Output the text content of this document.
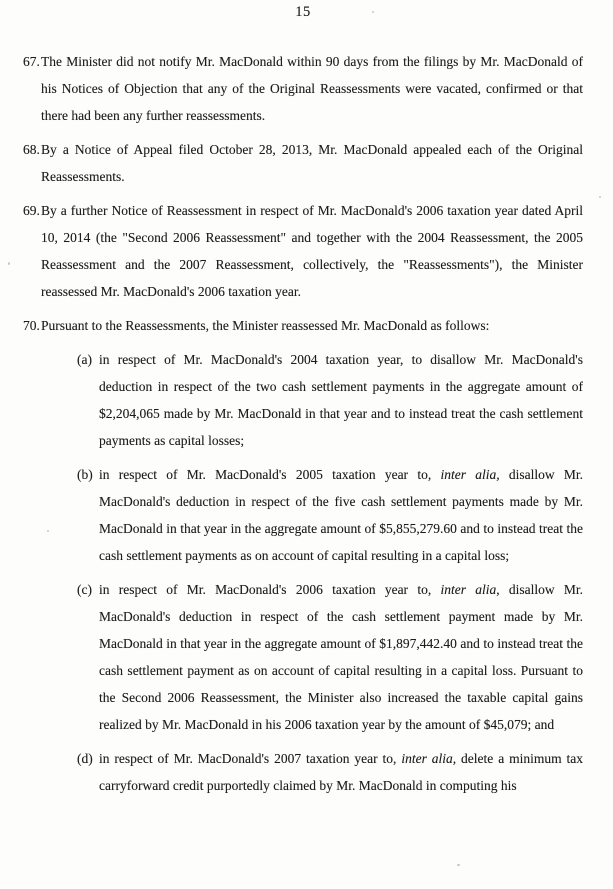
15
67. The Minister did not notify Mr. MacDonald within 90 days from the filings by Mr. MacDonald of his Notices of Objection that any of the Original Reassessments were vacated, confirmed or that there had been any further reassessments.
68. By a Notice of Appeal filed October 28, 2013, Mr. MacDonald appealed each of the Original Reassessments.
69. By a further Notice of Reassessment in respect of Mr. MacDonald's 2006 taxation year dated April 10, 2014 (the "Second 2006 Reassessment" and together with the 2004 Reassessment, the 2005 Reassessment and the 2007 Reassessment, collectively, the "Reassessments"), the Minister reassessed Mr. MacDonald's 2006 taxation year.
70. Pursuant to the Reassessments, the Minister reassessed Mr. MacDonald as follows:
(a) in respect of Mr. MacDonald's 2004 taxation year, to disallow Mr. MacDonald's deduction in respect of the two cash settlement payments in the aggregate amount of $2,204,065 made by Mr. MacDonald in that year and to instead treat the cash settlement payments as capital losses;
(b) in respect of Mr. MacDonald's 2005 taxation year to, inter alia, disallow Mr. MacDonald's deduction in respect of the five cash settlement payments made by Mr. MacDonald in that year in the aggregate amount of $5,855,279.60 and to instead treat the cash settlement payments as on account of capital resulting in a capital loss;
(c) in respect of Mr. MacDonald's 2006 taxation year to, inter alia, disallow Mr. MacDonald's deduction in respect of the cash settlement payment made by Mr. MacDonald in that year in the aggregate amount of $1,897,442.40 and to instead treat the cash settlement payment as on account of capital resulting in a capital loss. Pursuant to the Second 2006 Reassessment, the Minister also increased the taxable capital gains realized by Mr. MacDonald in his 2006 taxation year by the amount of $45,079; and
(d) in respect of Mr. MacDonald's 2007 taxation year to, inter alia, delete a minimum tax carryforward credit purportedly claimed by Mr. MacDonald in computing his
